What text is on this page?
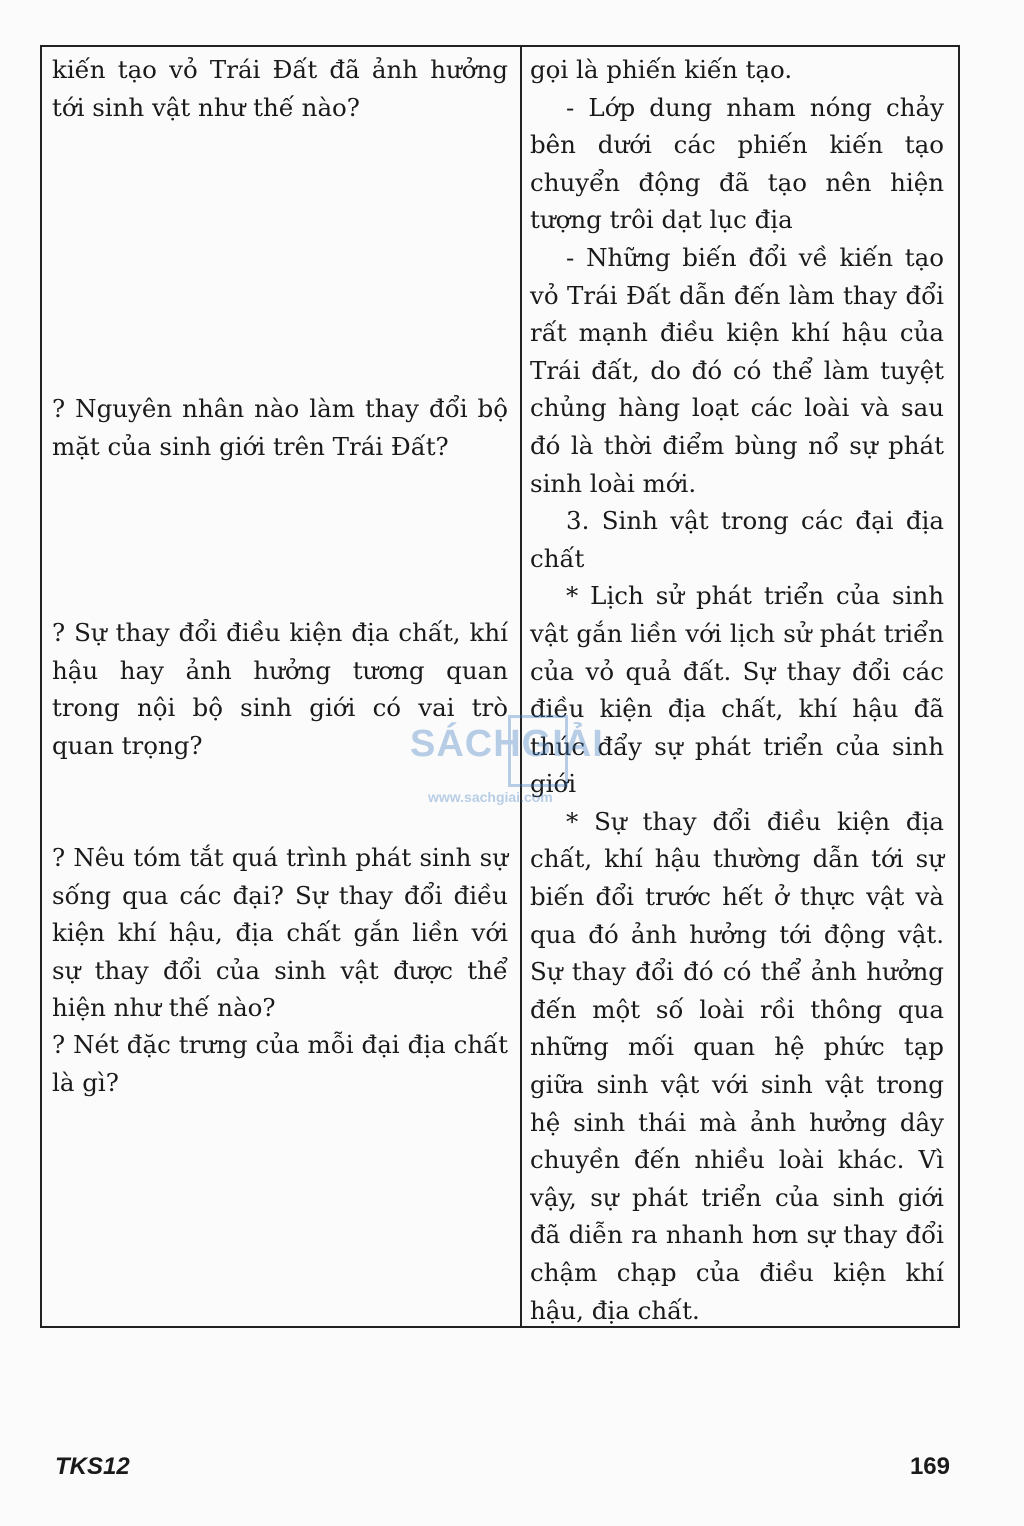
kiến tạo vỏ Trái Đất đã ảnh hưởng tới sinh vật như thế nào?

? Nguyên nhân nào làm thay đổi bộ mặt của sinh giới trên Trái Đất?

? Sự thay đổi điều kiện địa chất, khí hậu hay ảnh hưởng tương quan trong nội bộ sinh giới có vai trò quan trọng?

? Nêu tóm tắt quá trình phát sinh sự sống qua các đại? Sự thay đổi điều kiện khí hậu, địa chất gắn liền với sự thay đổi của sinh vật được thể hiện như thế nào?

? Nét đặc trưng của mỗi đại địa chất là gì?

gọi là phiến kiến tạo.

- Lớp dung nham nóng chảy bên dưới các phiến kiến tạo chuyển động đã tạo nên hiện tượng trôi dạt lục địa

- Những biến đổi về kiến tạo vỏ Trái Đất dẫn đến làm thay đổi rất mạnh điều kiện khí hậu của Trái đất, do đó có thể làm tuyệt chủng hàng loạt các loài và sau đó là thời điểm bùng nổ sự phát sinh loài mới.

3. Sinh vật trong các đại địa chất

* Lịch sử phát triển của sinh vật gắn liền với lịch sử phát triển của vỏ quả đất. Sự thay đổi các điều kiện địa chất, khí hậu đã thúc đẩy sự phát triển của sinh giới

* Sự thay đổi điều kiện địa chất, khí hậu thường dẫn tới sự biến đổi trước hết ở thực vật và qua đó ảnh hưởng tới động vật. Sự thay đổi đó có thể ảnh hưởng đến một số loài rồi thông qua những mối quan hệ phức tạp giữa sinh vật với sinh vật trong hệ sinh thái mà ảnh hưởng dây chuyền đến nhiều loài khác. Vì vậy, sự phát triển của sinh giới đã diễn ra nhanh hơn sự thay đổi chậm chạp của điều kiện khí hậu, địa chất.

SÁCHGIẢI
www.sachgiai.com
TKS12	169
